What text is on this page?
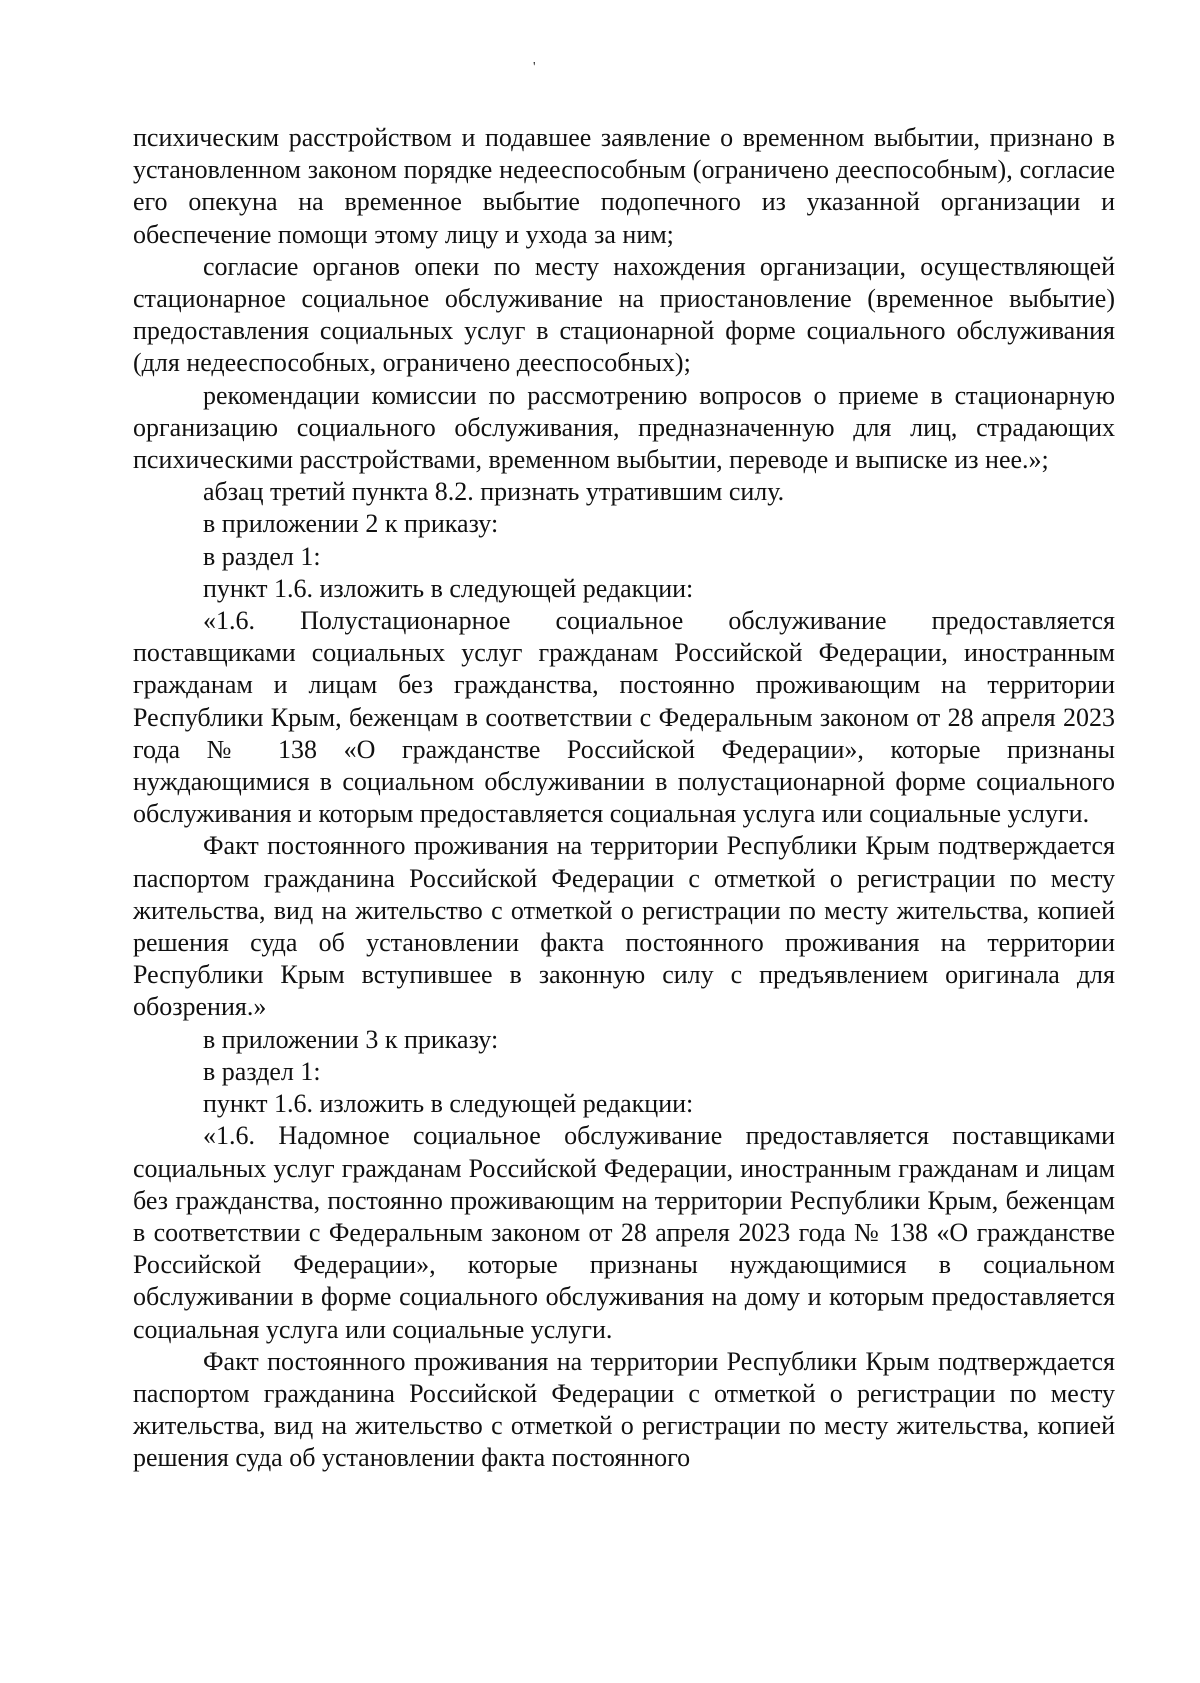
'

психическим расстройством и подавшее заявление о временном выбытии, признано в установленном законом порядке недееспособным (ограничено дееспособным), согласие его опекуна на временное выбытие подопечного из указанной организации и обеспечение помощи этому лицу и ухода за ним;

согласие органов опеки по месту нахождения организации, осуществляющей стационарное социальное обслуживание на приостановление (временное выбытие) предоставления социальных услуг в стационарной форме социального обслуживания (для недееспособных, ограничено дееспособных);

рекомендации комиссии по рассмотрению вопросов о приеме в стационарную организацию социального обслуживания, предназначенную для лиц, страдающих психическими расстройствами, временном выбытии, переводе и выписке из нее.»;

абзац третий пункта 8.2. признать утратившим силу.

в приложении 2 к приказу:

в раздел 1:

пункт 1.6. изложить в следующей редакции:

«1.6. Полустационарное социальное обслуживание предоставляется поставщиками социальных услуг гражданам Российской Федерации, иностранным гражданам и лицам без гражданства, постоянно проживающим на территории Республики Крым, беженцам в соответствии с Федеральным законом от 28 апреля 2023 года № 138 «О гражданстве Российской Федерации», которые признаны нуждающимися в социальном обслуживании в полустационарной форме социального обслуживания и которым предоставляется социальная услуга или социальные услуги.

Факт постоянного проживания на территории Республики Крым подтверждается паспортом гражданина Российской Федерации с отметкой о регистрации по месту жительства, вид на жительство с отметкой о регистрации по месту жительства, копией решения суда об установлении факта постоянного проживания на территории Республики Крым вступившее в законную силу с предъявлением оригинала для обозрения.»

в приложении 3 к приказу:

в раздел 1:

пункт 1.6. изложить в следующей редакции:

«1.6. Надомное социальное обслуживание предоставляется поставщиками социальных услуг гражданам Российской Федерации, иностранным гражданам и лицам без гражданства, постоянно проживающим на территории Республики Крым, беженцам в соответствии с Федеральным законом от 28 апреля 2023 года № 138 «О гражданстве Российской Федерации», которые признаны нуждающимися в социальном обслуживании в форме социального обслуживания на дому и которым предоставляется социальная услуга или социальные услуги.

Факт постоянного проживания на территории Республики Крым подтверждается паспортом гражданина Российской Федерации с отметкой о регистрации по месту жительства, вид на жительство с отметкой о регистрации по месту жительства, копией решения суда об установлении факта постоянного
